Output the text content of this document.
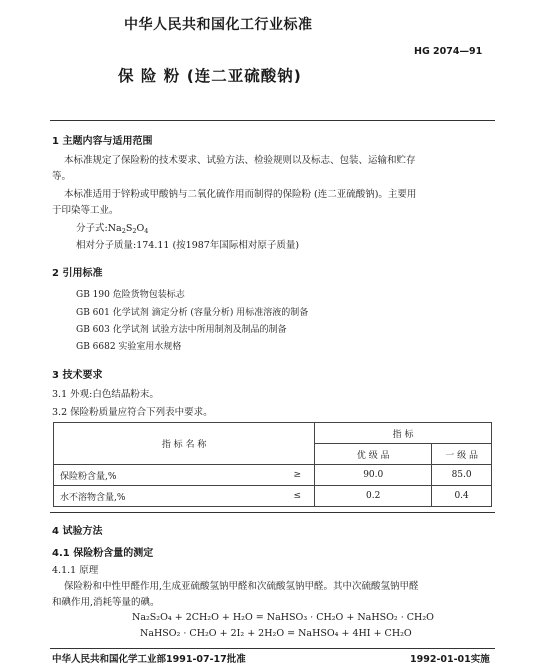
中华人民共和国化工行业标准
HG 2074—91
保 险 粉 (连二亚硫酸钠)
1 主题内容与适用范围
本标准规定了保险粉的技术要求、试验方法、检验规则以及标志、包装、运输和贮存
等。
本标准适用于锌粉或甲酸钠与二氧化硫作用而制得的保险粉 (连二亚硫酸钠)。主要用
于印染等工业。
分子式$:Na_2S_2O_4$
相对分子质量:174.11 (按1987年国际相对原子质量)
2 引用标准
GB 190 危险货物包装标志
GB 601 化学试剂 滴定分析 (容量分析) 用标准溶液的制备
GB 603 化学试剂 试验方法中所用制剂及制品的制备
GB 6682 实验室用水规格
3 技术要求
3.1 外观:白色结晶粉末。
3.2 保险粉质量应符合下列表中要求。
指 标 名 称		指 标	
		优 级 品	一 级 品
保险粉含量,%	≥	90.0	85.0
水不溶物含量,%	≤	0.2	0.4
4 试验方法
4.1 保险粉含量的测定
4.1.1 原理
保险粉和中性甲醛作用,生成亚硫酸氢钠甲醛和次硫酸氢钠甲醛。其中次硫酸氢钠甲醛
和碘作用,消耗等量的碘。
Na₂S₂O₄ + 2CH₂O + H₂O = NaHSO₃ · CH₂O + NaHSO₂ · CH₂O
NaHSO₂ · CH₂O + 2I₂ + 2H₂O = NaHSO₄ + 4HI + CH₂O
中华人民共和国化学工业部1991-07-17批准	1992-01-01实施
